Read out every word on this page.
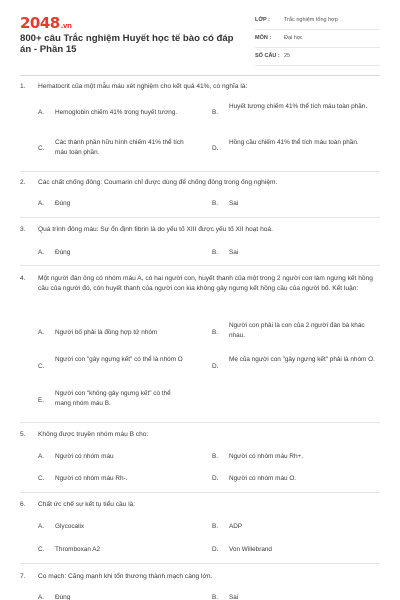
2048.vn
800+ câu Trắc nghiệm Huyết học tế bào có đáp án - Phần 15
LỚP :	Trắc nghiệm tổng hợp
MÔN : Đại học
SỐ CÂU : 25
1. Hematocrit của một mẫu máu xét nghiệm cho kết quả 41%, có nghĩa là:
A. Hemoglobin chiếm 41% trong huyết tương.	B.
Huyết tương chiếm 41% thể tích máu toàn phần.
C.
Các thành phần hữu hình chiếm 41% thể tích máu toàn phần.	D.
Hồng cầu chiếm 41% thể tích máu toàn phần.
2. Các chất chống đông: Coumarin chỉ được dùng để chống đông trong ống nghiệm.
A. Đúng	B. Sai
3. Quá trình đông máu: Sự ổn định fibrin là do yếu tố XIII được yếu tố XII hoạt hoá.
A. Đúng	B. Sai
4. Một người đàn ông có nhóm máu A, có hai người con, huyết thanh của một trong 2 người con làm ngưng kết hồng cầu của người đó, còn huyết thanh của người con kia không gây ngưng kết hồng cầu của người bố. Kết luận:
A. Người bố phải là đồng hợp tử nhóm	B.
Người con phải là con của 2 người đàn bà khác nhau.
C.
Người con "gây ngưng kết" có thể là nhóm O
D.
Mẹ của người con "gây ngưng kết" phải là nhóm O.
E.
Người con "không gây ngưng kết" có thể mang nhóm máu B.
5. Không được truyền nhóm máu B cho:
A. Người có nhóm máu	B. Người có nhóm máu Rh+.
C. Người có nhóm máu Rh-.	D. Người có nhóm máu O.
6. Chất ức chế sự kết tụ tiểu cầu là:
A. Glycocalix	B. ADP
C. Thromboxan A2	D. Von Willebrand
7. Co mạch: Căng mạnh khi tổn thương thành mạch càng lớn.
A. Đúng	B. Sai
